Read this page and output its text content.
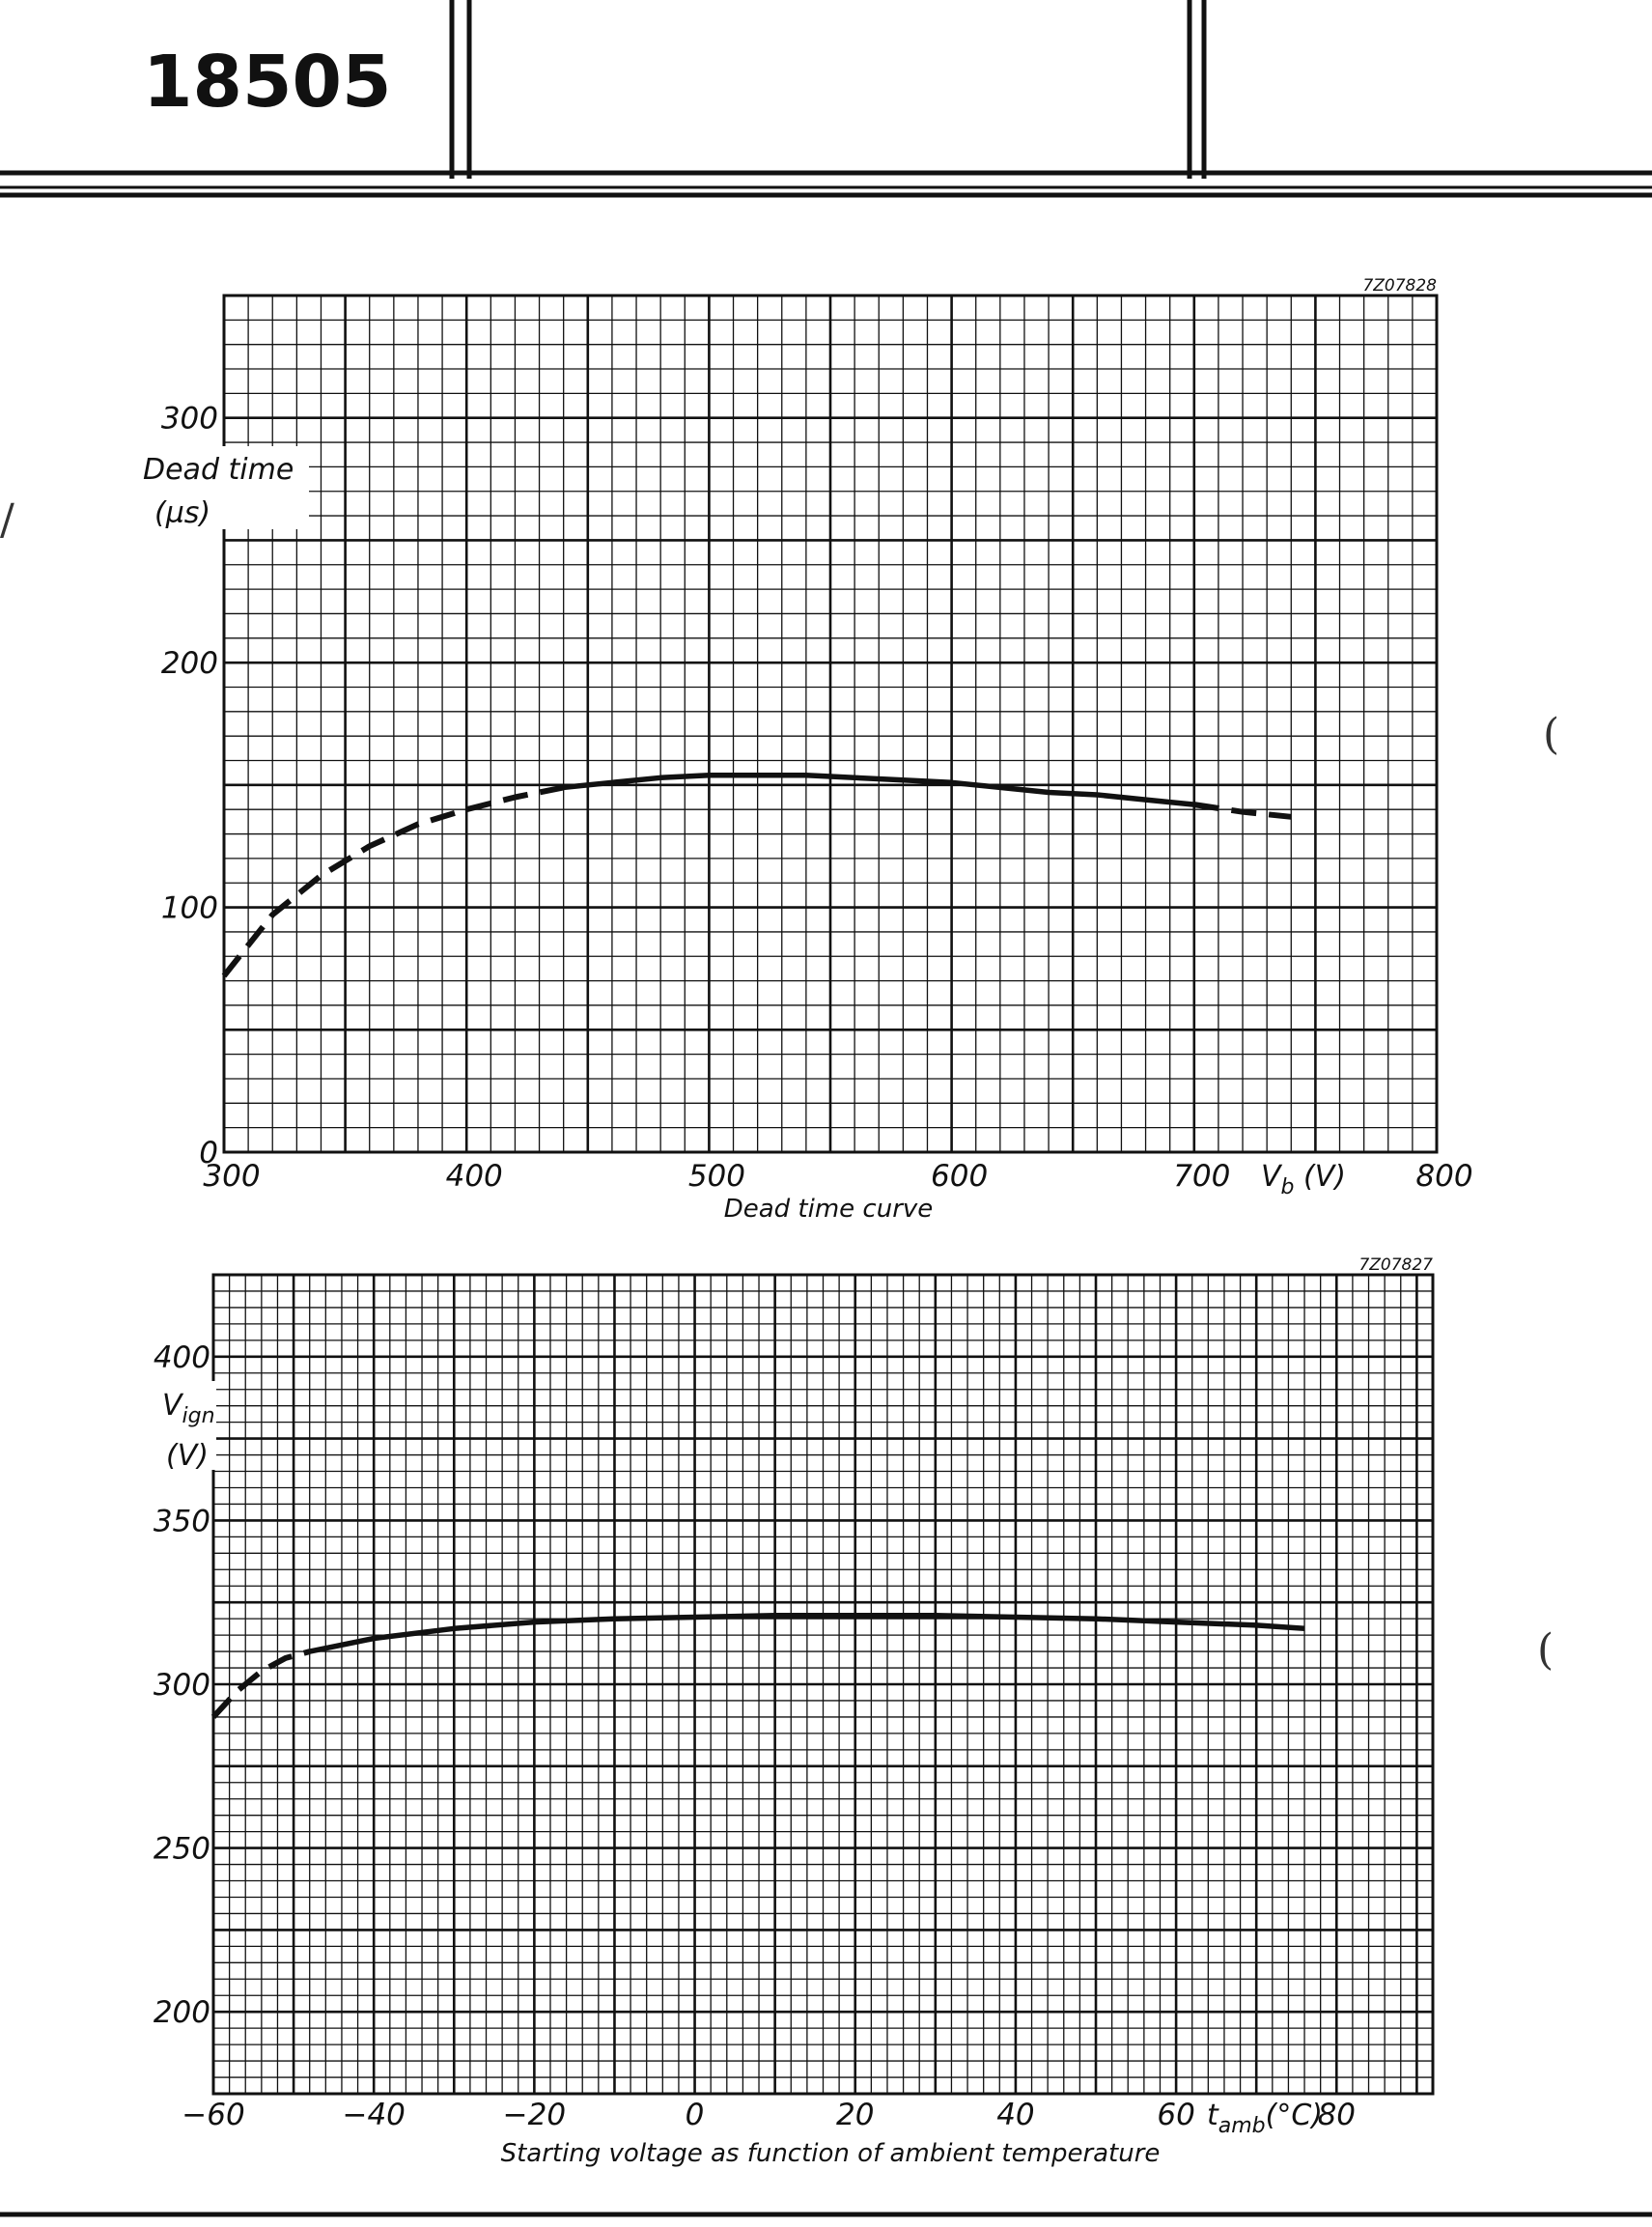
18505
/
(
(
300	400	500	600	700	800
0
100
200
300
7Z07828
Dead time
(µs)
$V_b$ (V)
Dead time curve
−60	−40	−20	0	20	40	60	80
200
250
300
350
400
7Z07827
$V_{ign}$
(V)
$t_{amb}(^\circ C)$
Starting voltage as function of ambient temperature
